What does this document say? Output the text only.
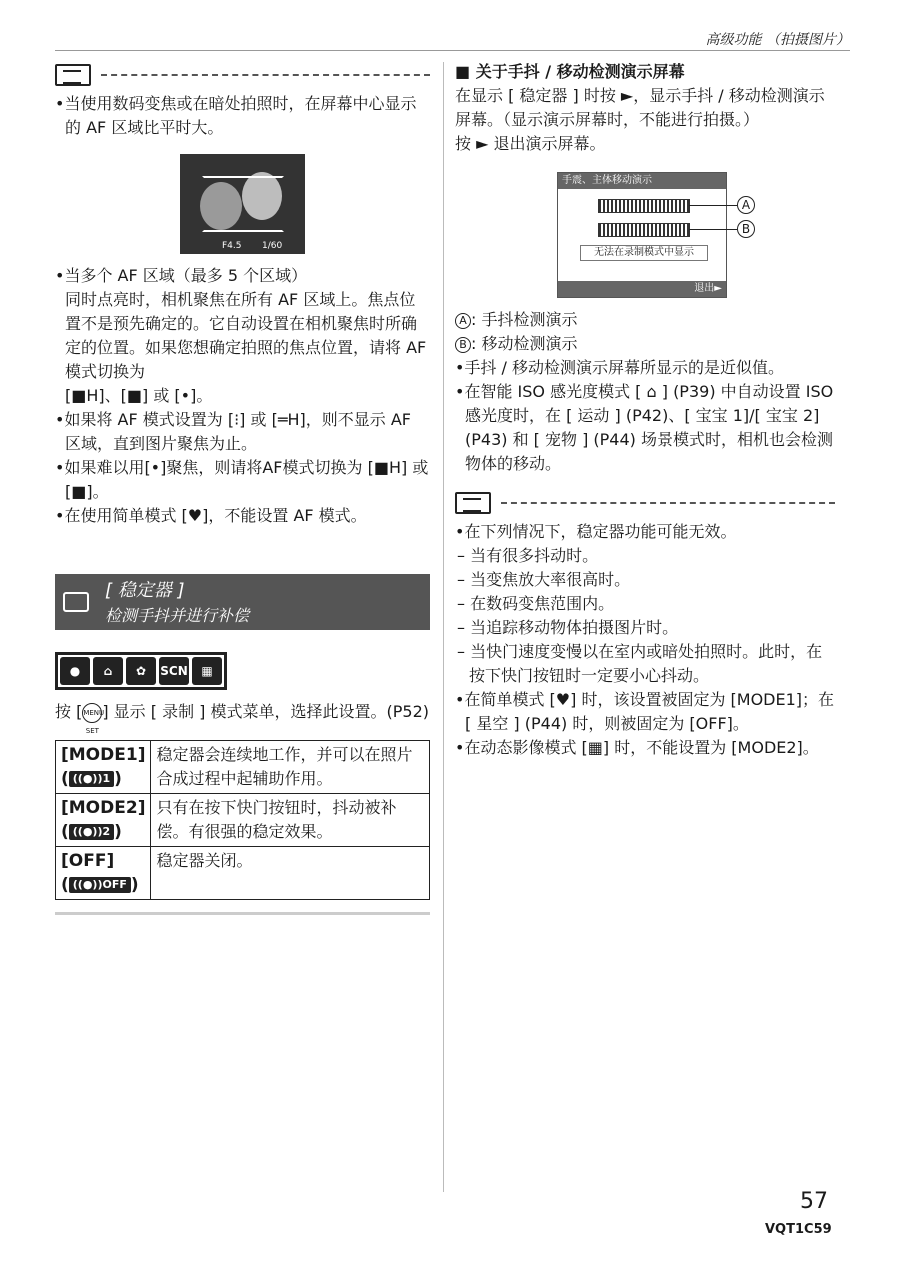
高级功能 （拍摄图片）

•当使用数码变焦或在暗处拍照时，在屏幕中心显示的 AF 区域比平时大。

F4.5 1/60

•当多个 AF 区域（最多 5 个区域）

同时点亮时，相机聚焦在所有 AF 区域上。焦点位置不是预先确定的。它自动设置在相机聚焦时所确定的位置。如果您想确定拍照的焦点位置，请将 AF 模式切换为

[■H]、[■] 或 [•]。

•如果将 AF 模式设置为 [⁝] 或 [═H]，则不显示 AF 区域，直到图片聚焦为止。

•如果难以用[•]聚焦，则请将AF模式切换为 [■H] 或 [■]。

•在使用简单模式 [♥]，不能设置 AF 模式。

[ 稳定器 ]
检测手抖并进行补偿
●	⌂	✿	SCN	▦

按 [MENU SET] 显示 [ 录制 ] 模式菜单，选择此设置。(P52)

[MODE1]
( ((●))1 )	稳定器会连续地工作，并可以在照片合成过程中起辅助作用。
[MODE2]
( ((●))2 )	只有在按下快门按钮时，抖动被补偿。有很强的稳定效果。
[OFF]
( ((●))OFF )	稳定器关闭。

■ 关于手抖 / 移动检测演示屏幕

在显示 [ 稳定器 ] 时按 ►，显示手抖 / 移动检测演示屏幕。（显示演示屏幕时，不能进行拍摄。）

按 ► 退出演示屏幕。

手震、主体移动演示
无法在录制模式中显示
退出►
A
B

A : 手抖检测演示

B : 移动检测演示

•手抖 / 移动检测演示屏幕所显示的是近似值。

•在智能 ISO 感光度模式 [ ⌂ ] (P39) 中自动设置 ISO 感光度时，在 [ 运动 ] (P42)、[ 宝宝 1]/[ 宝宝 2] (P43) 和 [ 宠物 ] (P44) 场景模式时，相机也会检测物体的移动。

•在下列情况下，稳定器功能可能无效。

– 当有很多抖动时。

– 当变焦放大率很高时。

– 在数码变焦范围内。

– 当追踪移动物体拍摄图片时。

– 当快门速度变慢以在室内或暗处拍照时。此时，在按下快门按钮时一定要小心抖动。

•在简单模式 [♥] 时，该设置被固定为 [MODE1]；在 [ 星空 ] (P44) 时，则被固定为 [OFF]。

•在动态影像模式 [▦] 时，不能设置为 [MODE2]。

57
VQT1C59
